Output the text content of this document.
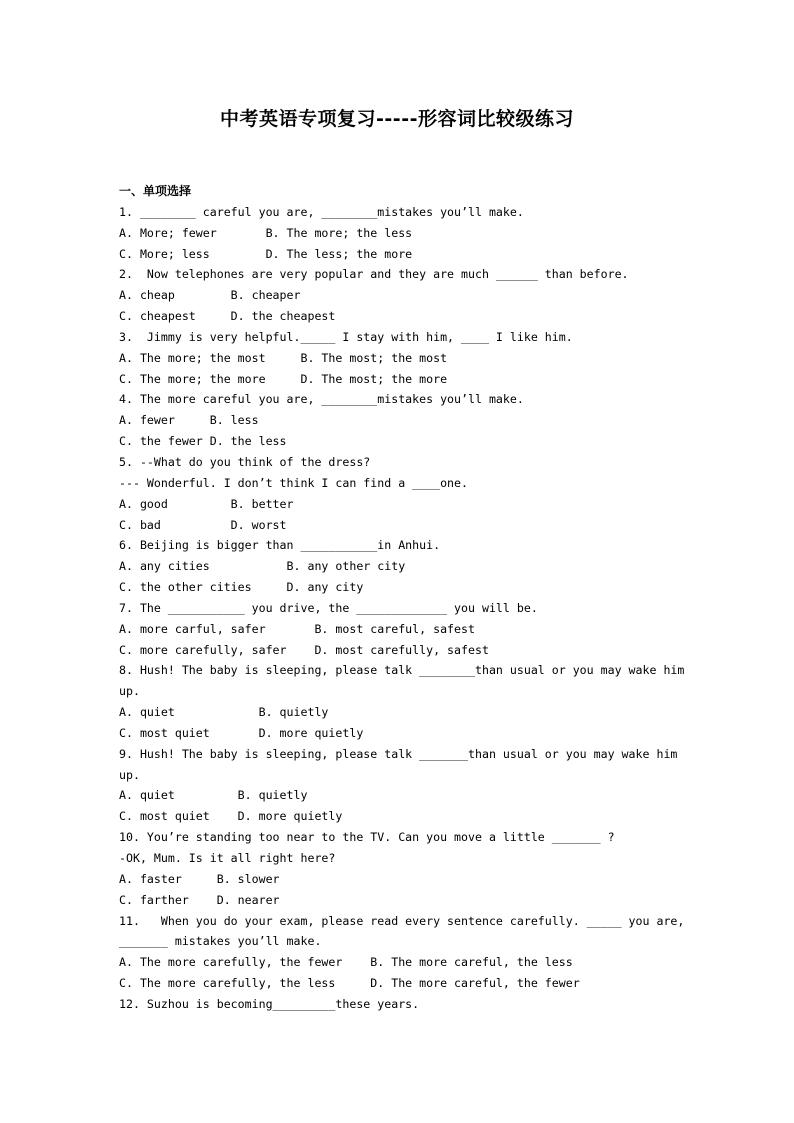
中考英语专项复习-----形容词比较级练习
一、单项选择
1. ________ careful you are, ________mistakes you’ll make.
A. More; fewer       B. The more; the less
C. More; less        D. The less; the more
2.  Now telephones are very popular and they are much ______ than before.
A. cheap        B. cheaper
C. cheapest     D. the cheapest
3.  Jimmy is very helpful._____ I stay with him, ____ I like him.
A. The more; the most     B. The most; the most
C. The more; the more     D. The most; the more
4. The more careful you are, ________mistakes you’ll make.
A. fewer     B. less
C. the fewer D. the less
5. --What do you think of the dress?
--- Wonderful. I don’t think I can find a ____one.
A. good         B. better
C. bad          D. worst
6. Beijing is bigger than ___________in Anhui.
A. any cities           B. any other city
C. the other cities     D. any city
7. The ___________ you drive, the _____________ you will be.
A. more carful, safer       B. most careful, safest
C. more carefully, safer    D. most carefully, safest
8. Hush! The baby is sleeping, please talk ________than usual or you may wake him
up.
A. quiet            B. quietly
C. most quiet       D. more quietly
9. Hush! The baby is sleeping, please talk _______than usual or you may wake him
up.
A. quiet         B. quietly
C. most quiet    D. more quietly
10. You’re standing too near to the TV. Can you move a little _______ ?
-OK, Mum. Is it all right here?
A. faster     B. slower
C. farther    D. nearer
11.   When you do your exam, please read every sentence carefully. _____ you are,
_______ mistakes you’ll make.
A. The more carefully, the fewer    B. The more careful, the less
C. The more carefully, the less     D. The more careful, the fewer
12. Suzhou is becoming_________these years.
